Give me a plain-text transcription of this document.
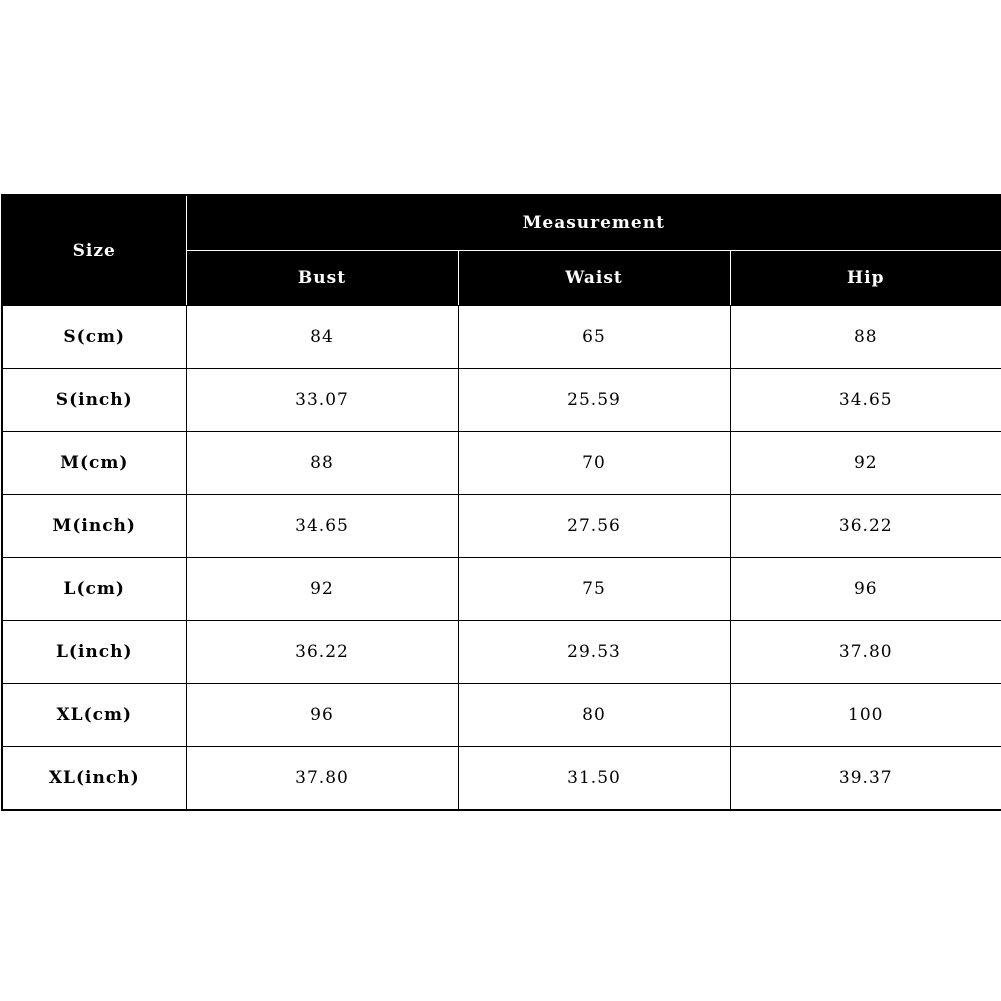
Size	Measurement		
	Bust	Waist	Hip
S(cm)	84	65	88
S(inch)	33.07	25.59	34.65
M(cm)	88	70	92
M(inch)	34.65	27.56	36.22
L(cm)	92	75	96
L(inch)	36.22	29.53	37.80
XL(cm)	96	80	100
XL(inch)	37.80	31.50	39.37
